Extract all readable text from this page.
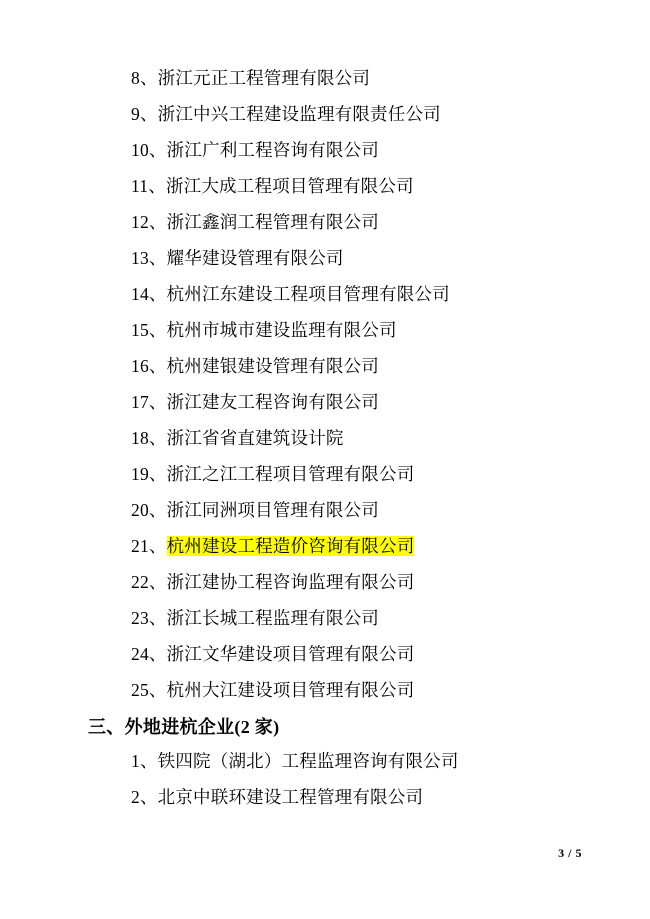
8、浙江元正工程管理有限公司

9、浙江中兴工程建设监理有限责任公司

10、浙江广利工程咨询有限公司

11、浙江大成工程项目管理有限公司

12、浙江鑫润工程管理有限公司

13、耀华建设管理有限公司

14、杭州江东建设工程项目管理有限公司

15、杭州市城市建设监理有限公司

16、杭州建银建设管理有限公司

17、浙江建友工程咨询有限公司

18、浙江省省直建筑设计院

19、浙江之江工程项目管理有限公司

20、浙江同洲项目管理有限公司

21、杭州建设工程造价咨询有限公司

22、浙江建协工程咨询监理有限公司

23、浙江长城工程监理有限公司

24、浙江文华建设项目管理有限公司

25、杭州大江建设项目管理有限公司

三、外地进杭企业(2 家)

1、铁四院（湖北）工程监理咨询有限公司

2、北京中联环建设工程管理有限公司

3 / 5
